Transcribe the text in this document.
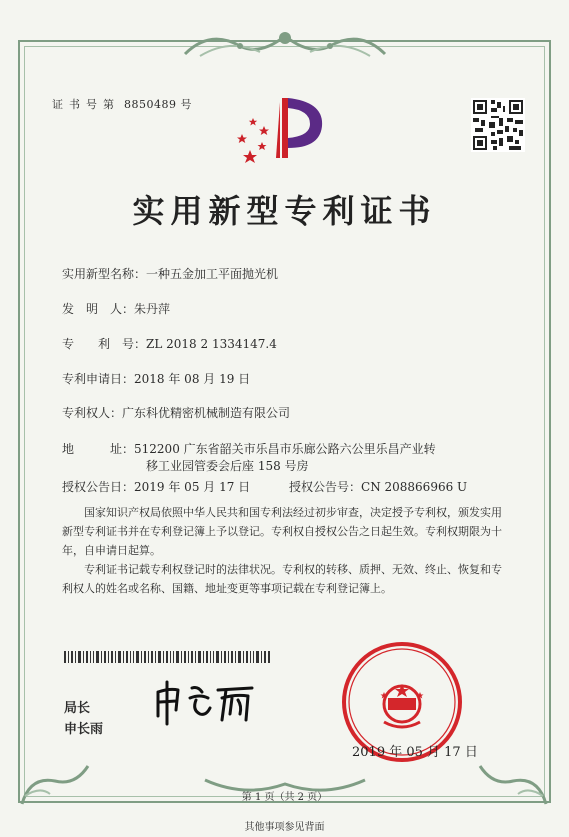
证书号第 8850489 号
实用新型专利证书
实用新型名称：一种五金加工平面抛光机
发　明　人：朱丹萍
专　　利　号：ZL 2018 2 1334147.4
专利申请日：2018 年 08 月 19 日
专利权人：广东科优精密机械制造有限公司
地　　　址：512200 广东省韶关市乐昌市乐廊公路六公里乐昌产业转
移工业园管委会后座 158 号房
授权公告日：2019 年 05 月 17 日	授权公告号：CN 208866966 U
国家知识产权局依照中华人民共和国专利法经过初步审查，决定授予专利权，颁发实用
新型专利证书并在专利登记簿上予以登记。专利权自授权公告之日起生效。专利权期限为十
年，自申请日起算。
专利证书记载专利权登记时的法律状况。专利权的转移、质押、无效、终止、恢复和专
利权人的姓名或名称、国籍、地址变更等事项记载在专利登记簿上。
局长
申长雨
2019 年 05 月 17 日
第 1 页（共 2 页）
其他事项参见背面
